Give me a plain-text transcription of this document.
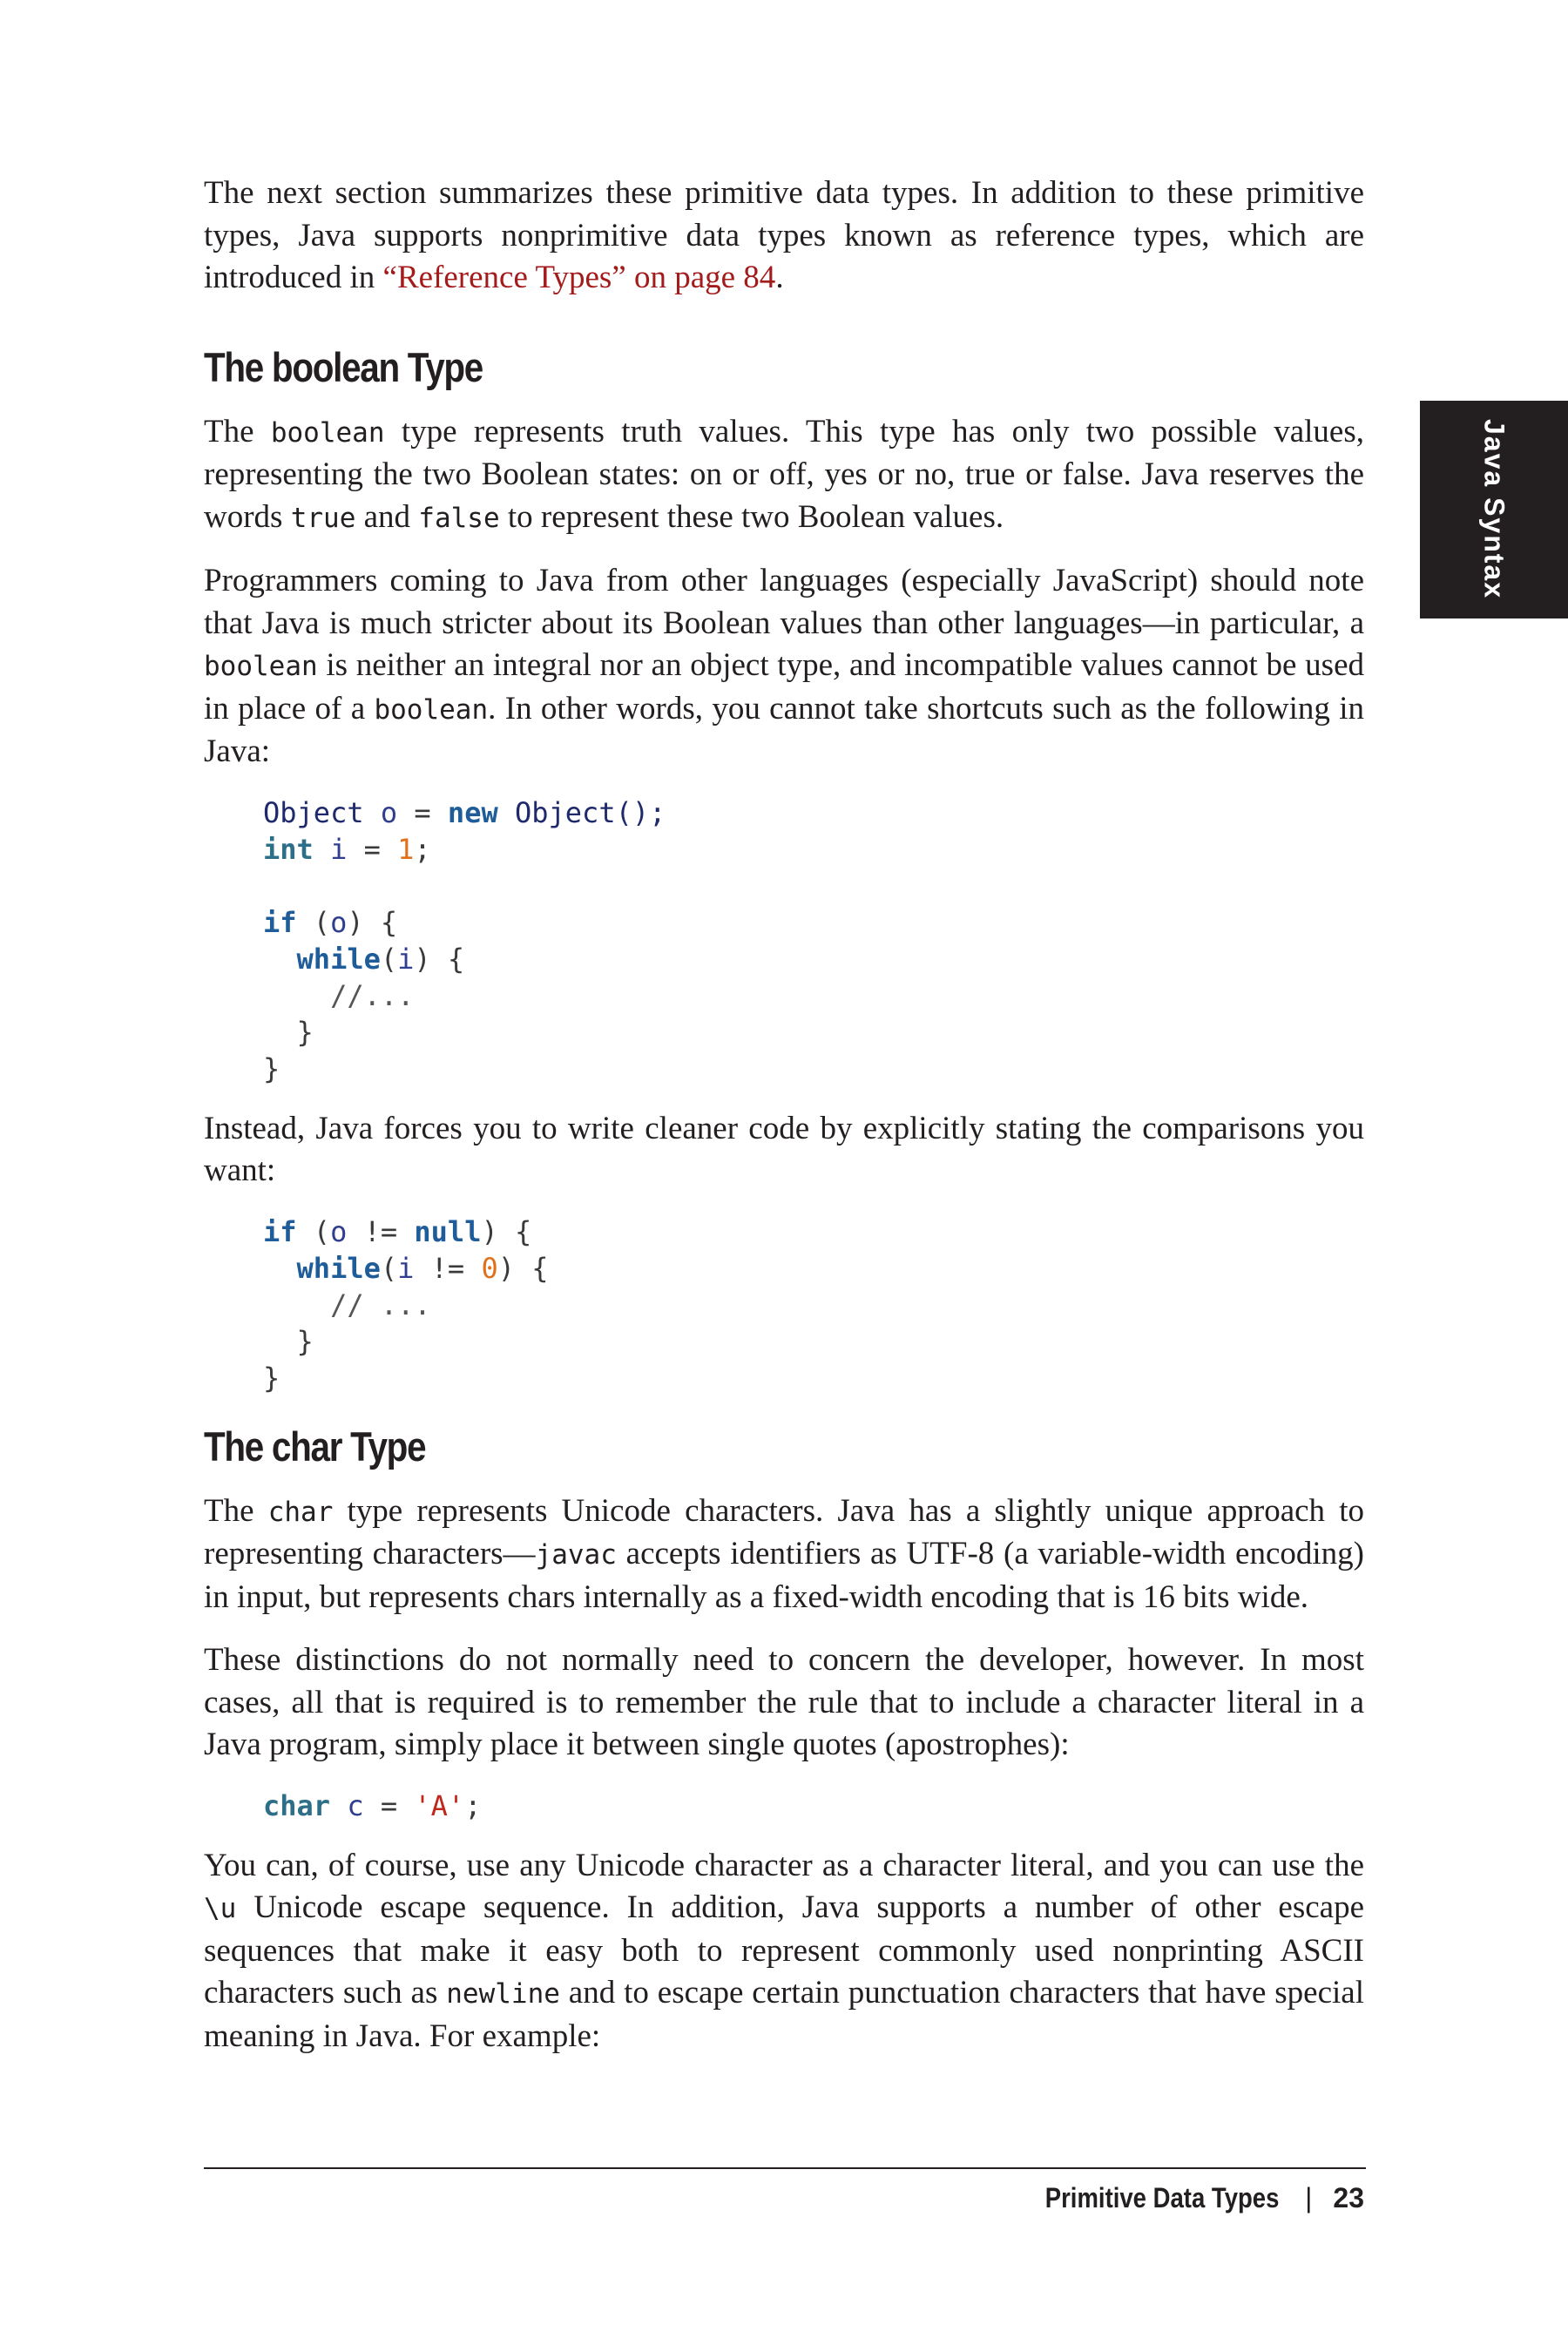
Java Syntax

The next section summarizes these primitive data types. In addition to these primitive types, Java supports nonprimitive data types known as reference types, which are introduced in “Reference Types” on page 84.

The boolean Type

The boolean type represents truth values. This type has only two possible values, representing the two Boolean states: on or off, yes or no, true or false. Java reserves the words true and false to represent these two Boolean values.

Programmers coming to Java from other languages (especially JavaScript) should note that Java is much stricter about its Boolean values than other languages—in particular, a boolean is neither an integral nor an object type, and incompatible values cannot be used in place of a boolean. In other words, you cannot take shortcuts such as the following in Java:

Object o = new Object();
int i = 1;

if (o) {
while(i) {
//...
}
}

Instead, Java forces you to write cleaner code by explicitly stating the comparisons you want:

if (o != null) {
while(i != 0) {
// ...
}
}
The char Type

The char type represents Unicode characters. Java has a slightly unique approach to representing characters—javac accepts identifiers as UTF-8 (a variable-width encoding) in input, but represents chars internally as a fixed-width encoding that is 16 bits wide.

These distinctions do not normally need to concern the developer, however. In most cases, all that is required is to remember the rule that to include a character literal in a Java program, simply place it between single quotes (apostrophes):

char c = 'A';

You can, of course, use any Unicode character as a character literal, and you can use the \u Unicode escape sequence. In addition, Java supports a number of other escape sequences that make it easy both to represent commonly used nonprinting ASCII characters such as newline and to escape certain punctuation characters that have special meaning in Java. For example:

Primitive Data Types | 23
